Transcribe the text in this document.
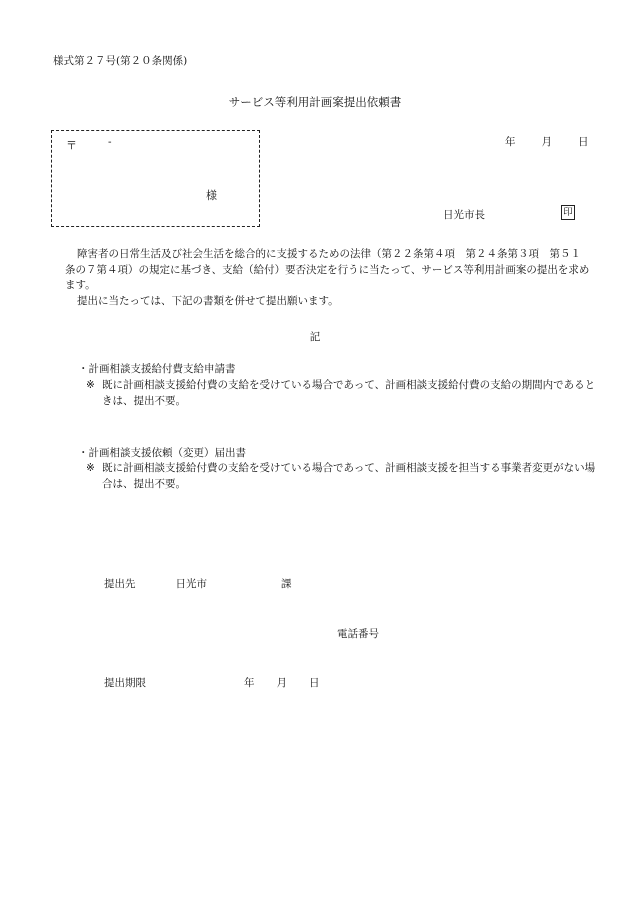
様式第２７号(第２０条関係)
サービス等利用計画案提出依頼書
〒	-
様
年 月 日
日光市長	印

障害者の日常生活及び社会生活を総合的に支援するための法律（第２２条第４項　第２４条第３項　第５１条の７第４項）の規定に基づき、支給（給付）要否決定を行うに当たって、サービス等利用計画案の提出を求めます。

提出に当たっては、下記の書類を併せて提出願います。

記
・計画相談支援給付費支給申請書
※ 既に計画相談支援給付費の支給を受けている場合であって、計画相談支援給付費の支給の期間内であるときは、提出不要。
・計画相談支援依頼（変更）届出書
※ 既に計画相談支援給付費の支給を受けている場合であって、計画相談支援を担当する事業者変更がない場合は、提出不要。
提出先	日光市	課
電話番号
提出期限	年 月 日
